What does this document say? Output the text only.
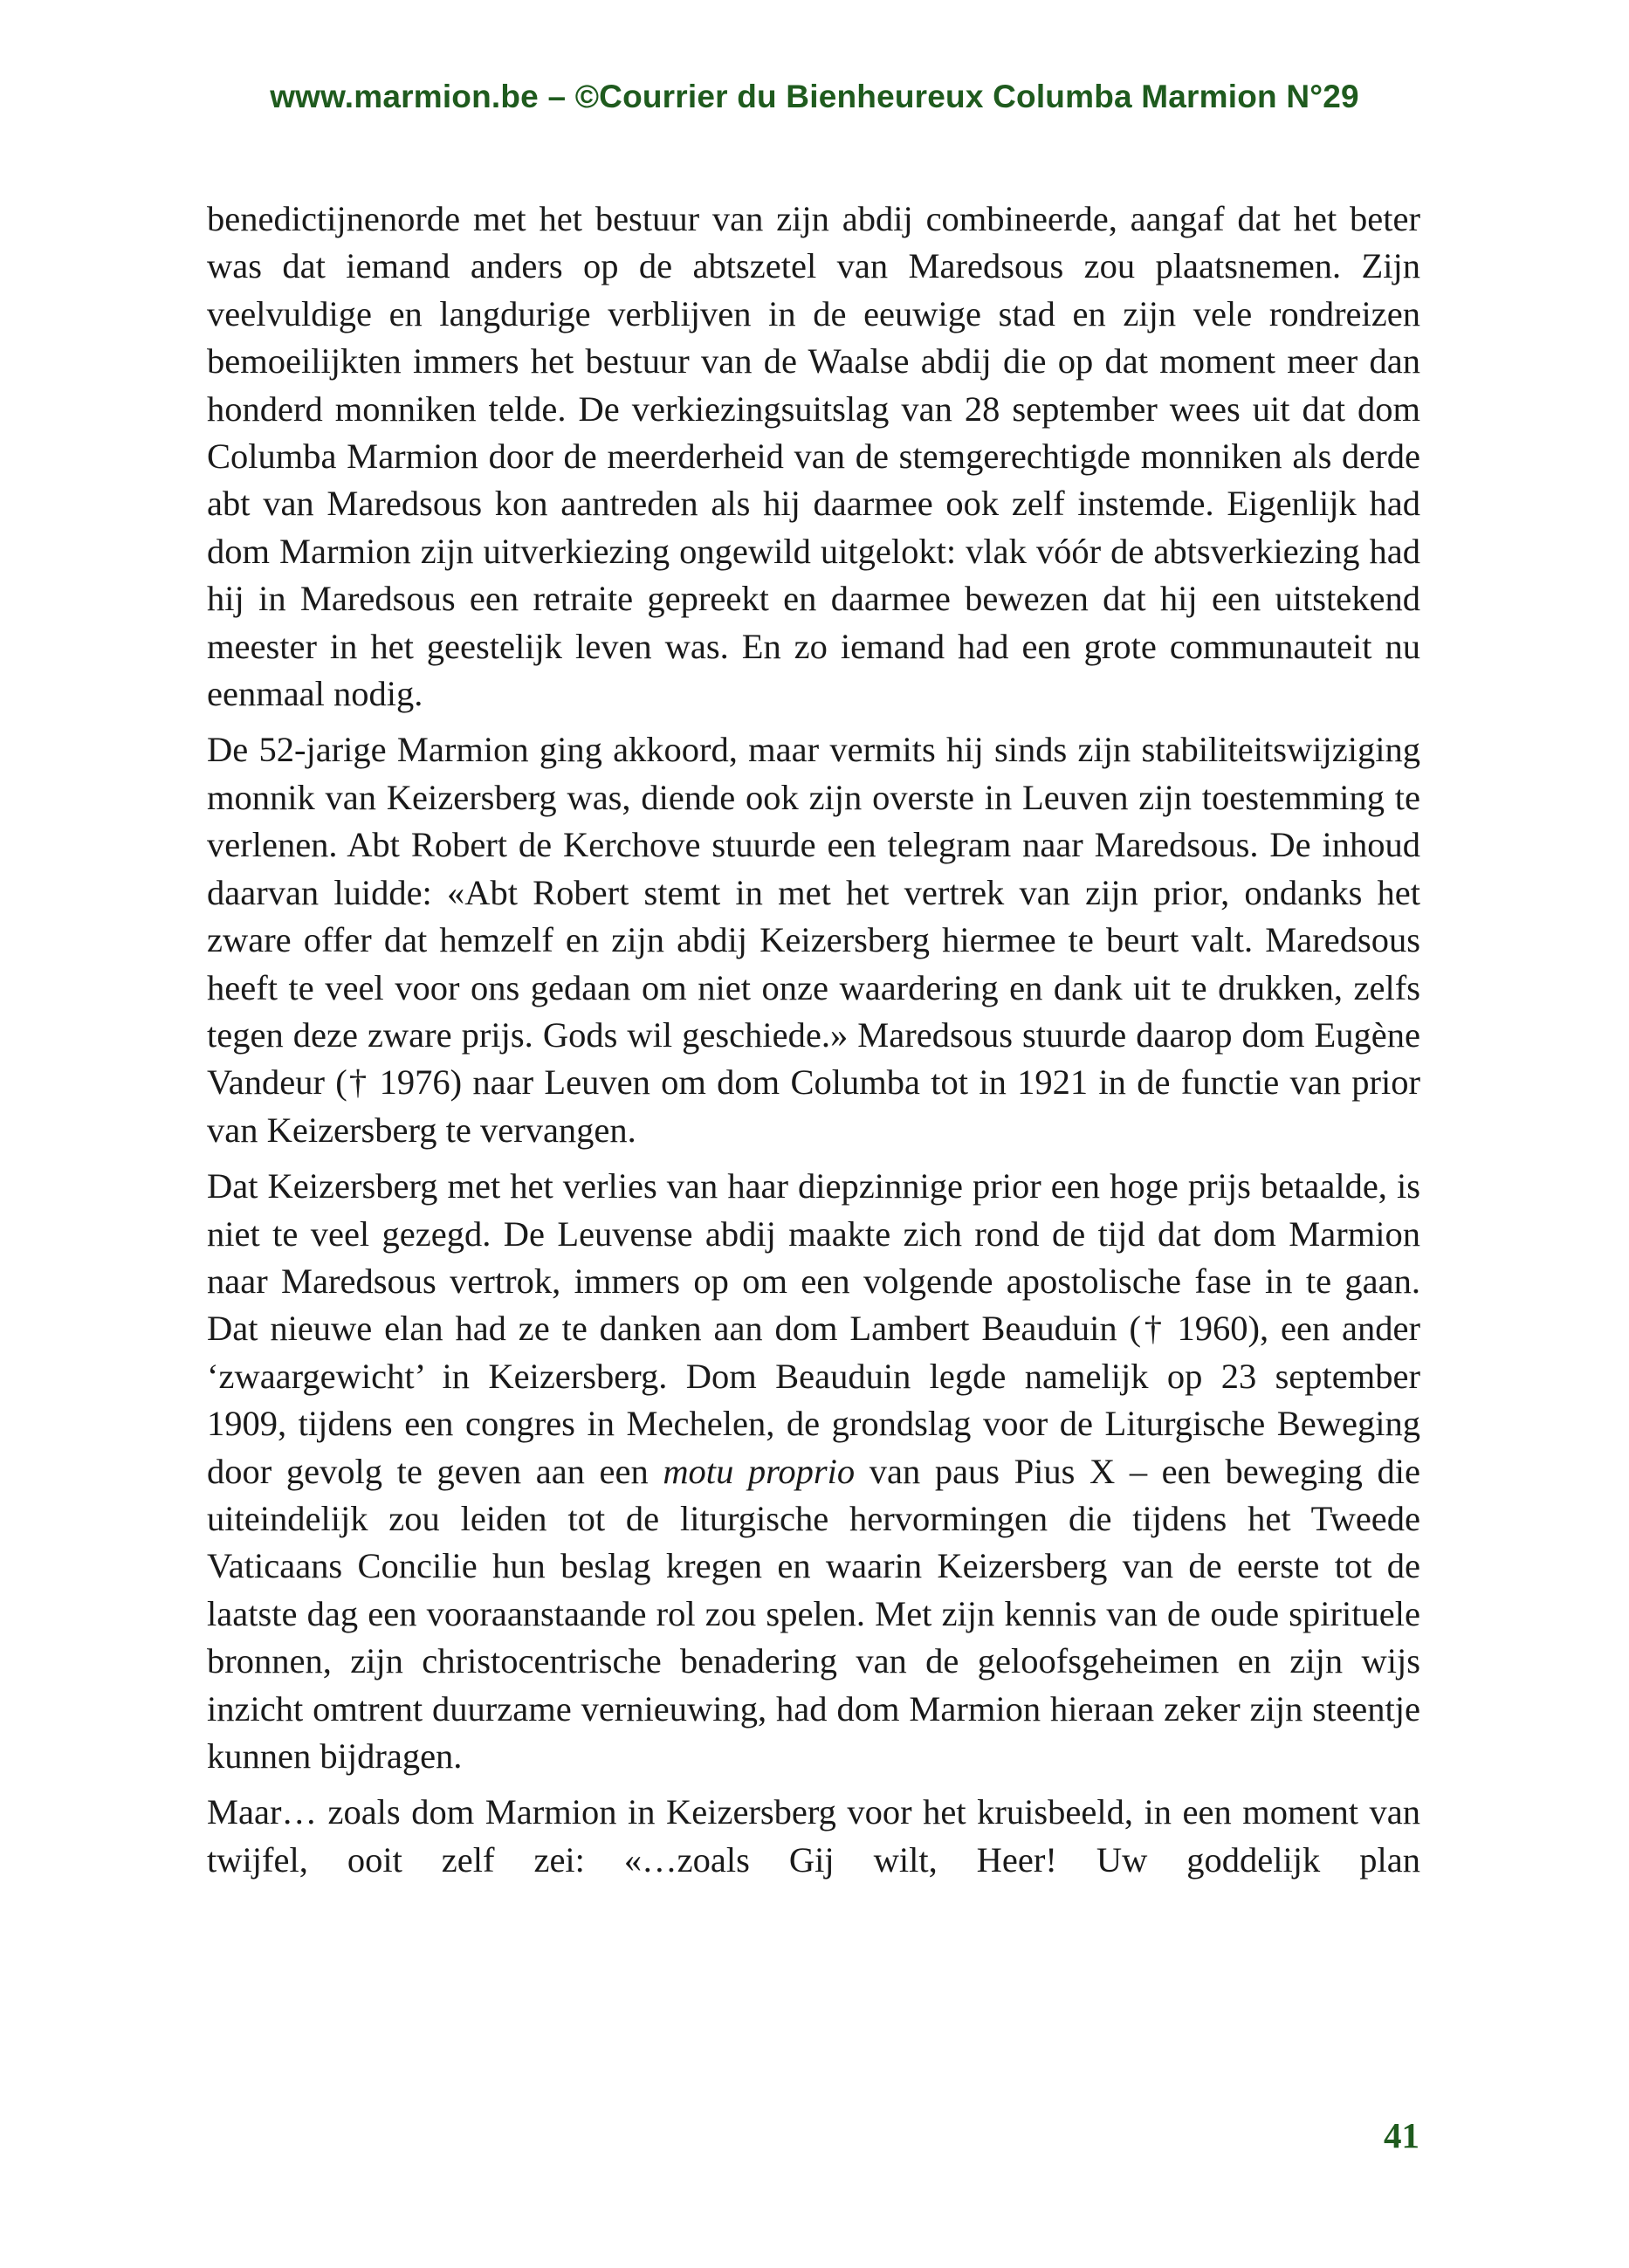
www.marmion.be – ©Courrier du Bienheureux Columba Marmion N°29

benedictijnenorde met het bestuur van zijn abdij combineerde, aangaf dat het beter was dat iemand anders op de abtszetel van Maredsous zou plaatsnemen. Zijn veelvuldige en langdurige verblijven in de eeuwige stad en zijn vele rondreizen bemoeilijkten immers het bestuur van de Waalse abdij die op dat moment meer dan honderd monniken telde. De verkiezingsuitslag van 28 september wees uit dat dom Columba Marmion door de meerderheid van de stemgerechtigde monniken als derde abt van Maredsous kon aantreden als hij daarmee ook zelf instemde. Eigenlijk had dom Marmion zijn uitverkiezing ongewild uitgelokt: vlak vóór de abtsverkiezing had hij in Maredsous een retraite gepreekt en daarmee bewezen dat hij een uitstekend meester in het geestelijk leven was. En zo iemand had een grote communauteit nu eenmaal nodig.

De 52-jarige Marmion ging akkoord, maar vermits hij sinds zijn stabiliteitswijziging monnik van Keizersberg was, diende ook zijn overste in Leuven zijn toestemming te verlenen. Abt Robert de Kerchove stuurde een telegram naar Maredsous. De inhoud daarvan luidde: «Abt Robert stemt in met het vertrek van zijn prior, ondanks het zware offer dat hemzelf en zijn abdij Keizersberg hiermee te beurt valt. Maredsous heeft te veel voor ons gedaan om niet onze waardering en dank uit te drukken, zelfs tegen deze zware prijs. Gods wil geschiede.» Maredsous stuurde daarop dom Eugène Vandeur († 1976) naar Leuven om dom Columba tot in 1921 in de functie van prior van Keizersberg te vervangen.

Dat Keizersberg met het verlies van haar diepzinnige prior een hoge prijs betaalde, is niet te veel gezegd. De Leuvense abdij maakte zich rond de tijd dat dom Marmion naar Maredsous vertrok, immers op om een volgende apostolische fase in te gaan. Dat nieuwe elan had ze te danken aan dom Lambert Beauduin († 1960), een ander ‘zwaargewicht’ in Keizersberg. Dom Beauduin legde namelijk op 23 september 1909, tijdens een congres in Mechelen, de grondslag voor de Liturgische Beweging door gevolg te geven aan een motu proprio van paus Pius X – een beweging die uiteindelijk zou leiden tot de liturgische hervormingen die tijdens het Tweede Vaticaans Concilie hun beslag kregen en waarin Keizersberg van de eerste tot de laatste dag een vooraanstaande rol zou spelen. Met zijn kennis van de oude spirituele bronnen, zijn christocentrische benadering van de geloofsgeheimen en zijn wijs inzicht omtrent duurzame vernieuwing, had dom Marmion hieraan zeker zijn steentje kunnen bijdragen.

Maar… zoals dom Marmion in Keizersberg voor het kruisbeeld, in een moment van twijfel, ooit zelf zei: «…zoals Gij wilt, Heer! Uw goddelijk plan

41
